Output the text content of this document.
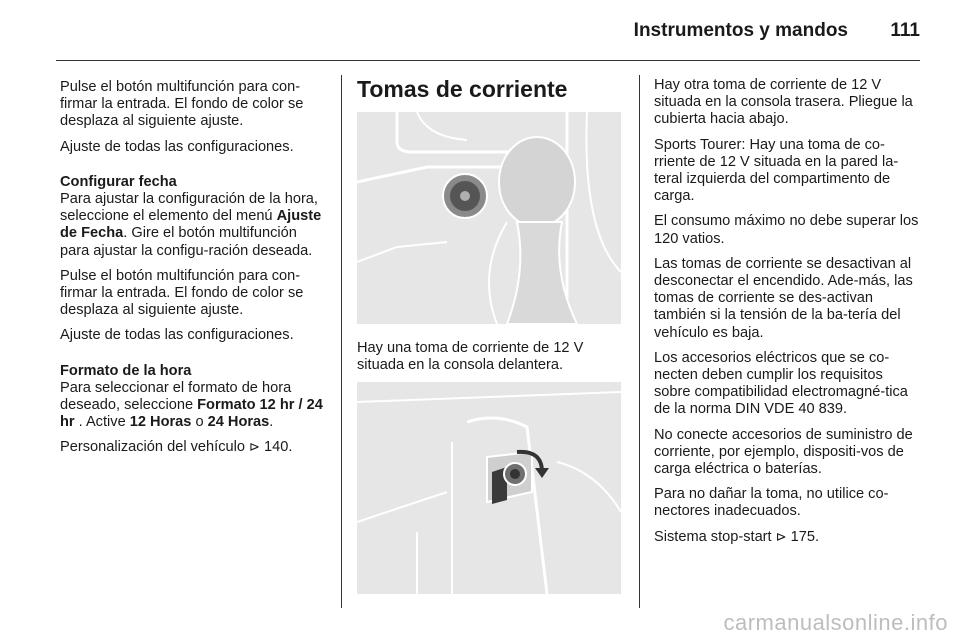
Instrumentos y mandos 111

Pulse el botón multifunción para con-firmar la entrada. El fondo de color se desplaza al siguiente ajuste.

Ajuste de todas las configuraciones.

Configurar fecha

Para ajustar la configuración de la hora, seleccione el elemento del menú Ajuste de Fecha. Gire el botón multifunción para ajustar la configu-ración deseada.

Pulse el botón multifunción para con-firmar la entrada. El fondo de color se desplaza al siguiente ajuste.

Ajuste de todas las configuraciones.

Formato de la hora

Para seleccionar el formato de hora deseado, seleccione Formato 12 hr / 24 hr . Active 12 Horas o 24 Horas.

Personalización del vehículo ⊳ 140.

Tomas de corriente

Hay una toma de corriente de 12 V situada en la consola delantera.

Hay otra toma de corriente de 12 V situada en la consola trasera. Pliegue la cubierta hacia abajo.

Sports Tourer: Hay una toma de co-rriente de 12 V situada en la pared la-teral izquierda del compartimento de carga.

El consumo máximo no debe superar los 120 vatios.

Las tomas de corriente se desactivan al desconectar el encendido. Ade-más, las tomas de corriente se des-activan también si la tensión de la ba-tería del vehículo es baja.

Los accesorios eléctricos que se co-necten deben cumplir los requisitos sobre compatibilidad electromagné-tica de la norma DIN VDE 40 839.

No conecte accesorios de suministro de corriente, por ejemplo, dispositi-vos de carga eléctrica o baterías.

Para no dañar la toma, no utilice co-nectores inadecuados.

Sistema stop-start ⊳ 175.

carmanualsonline.info
